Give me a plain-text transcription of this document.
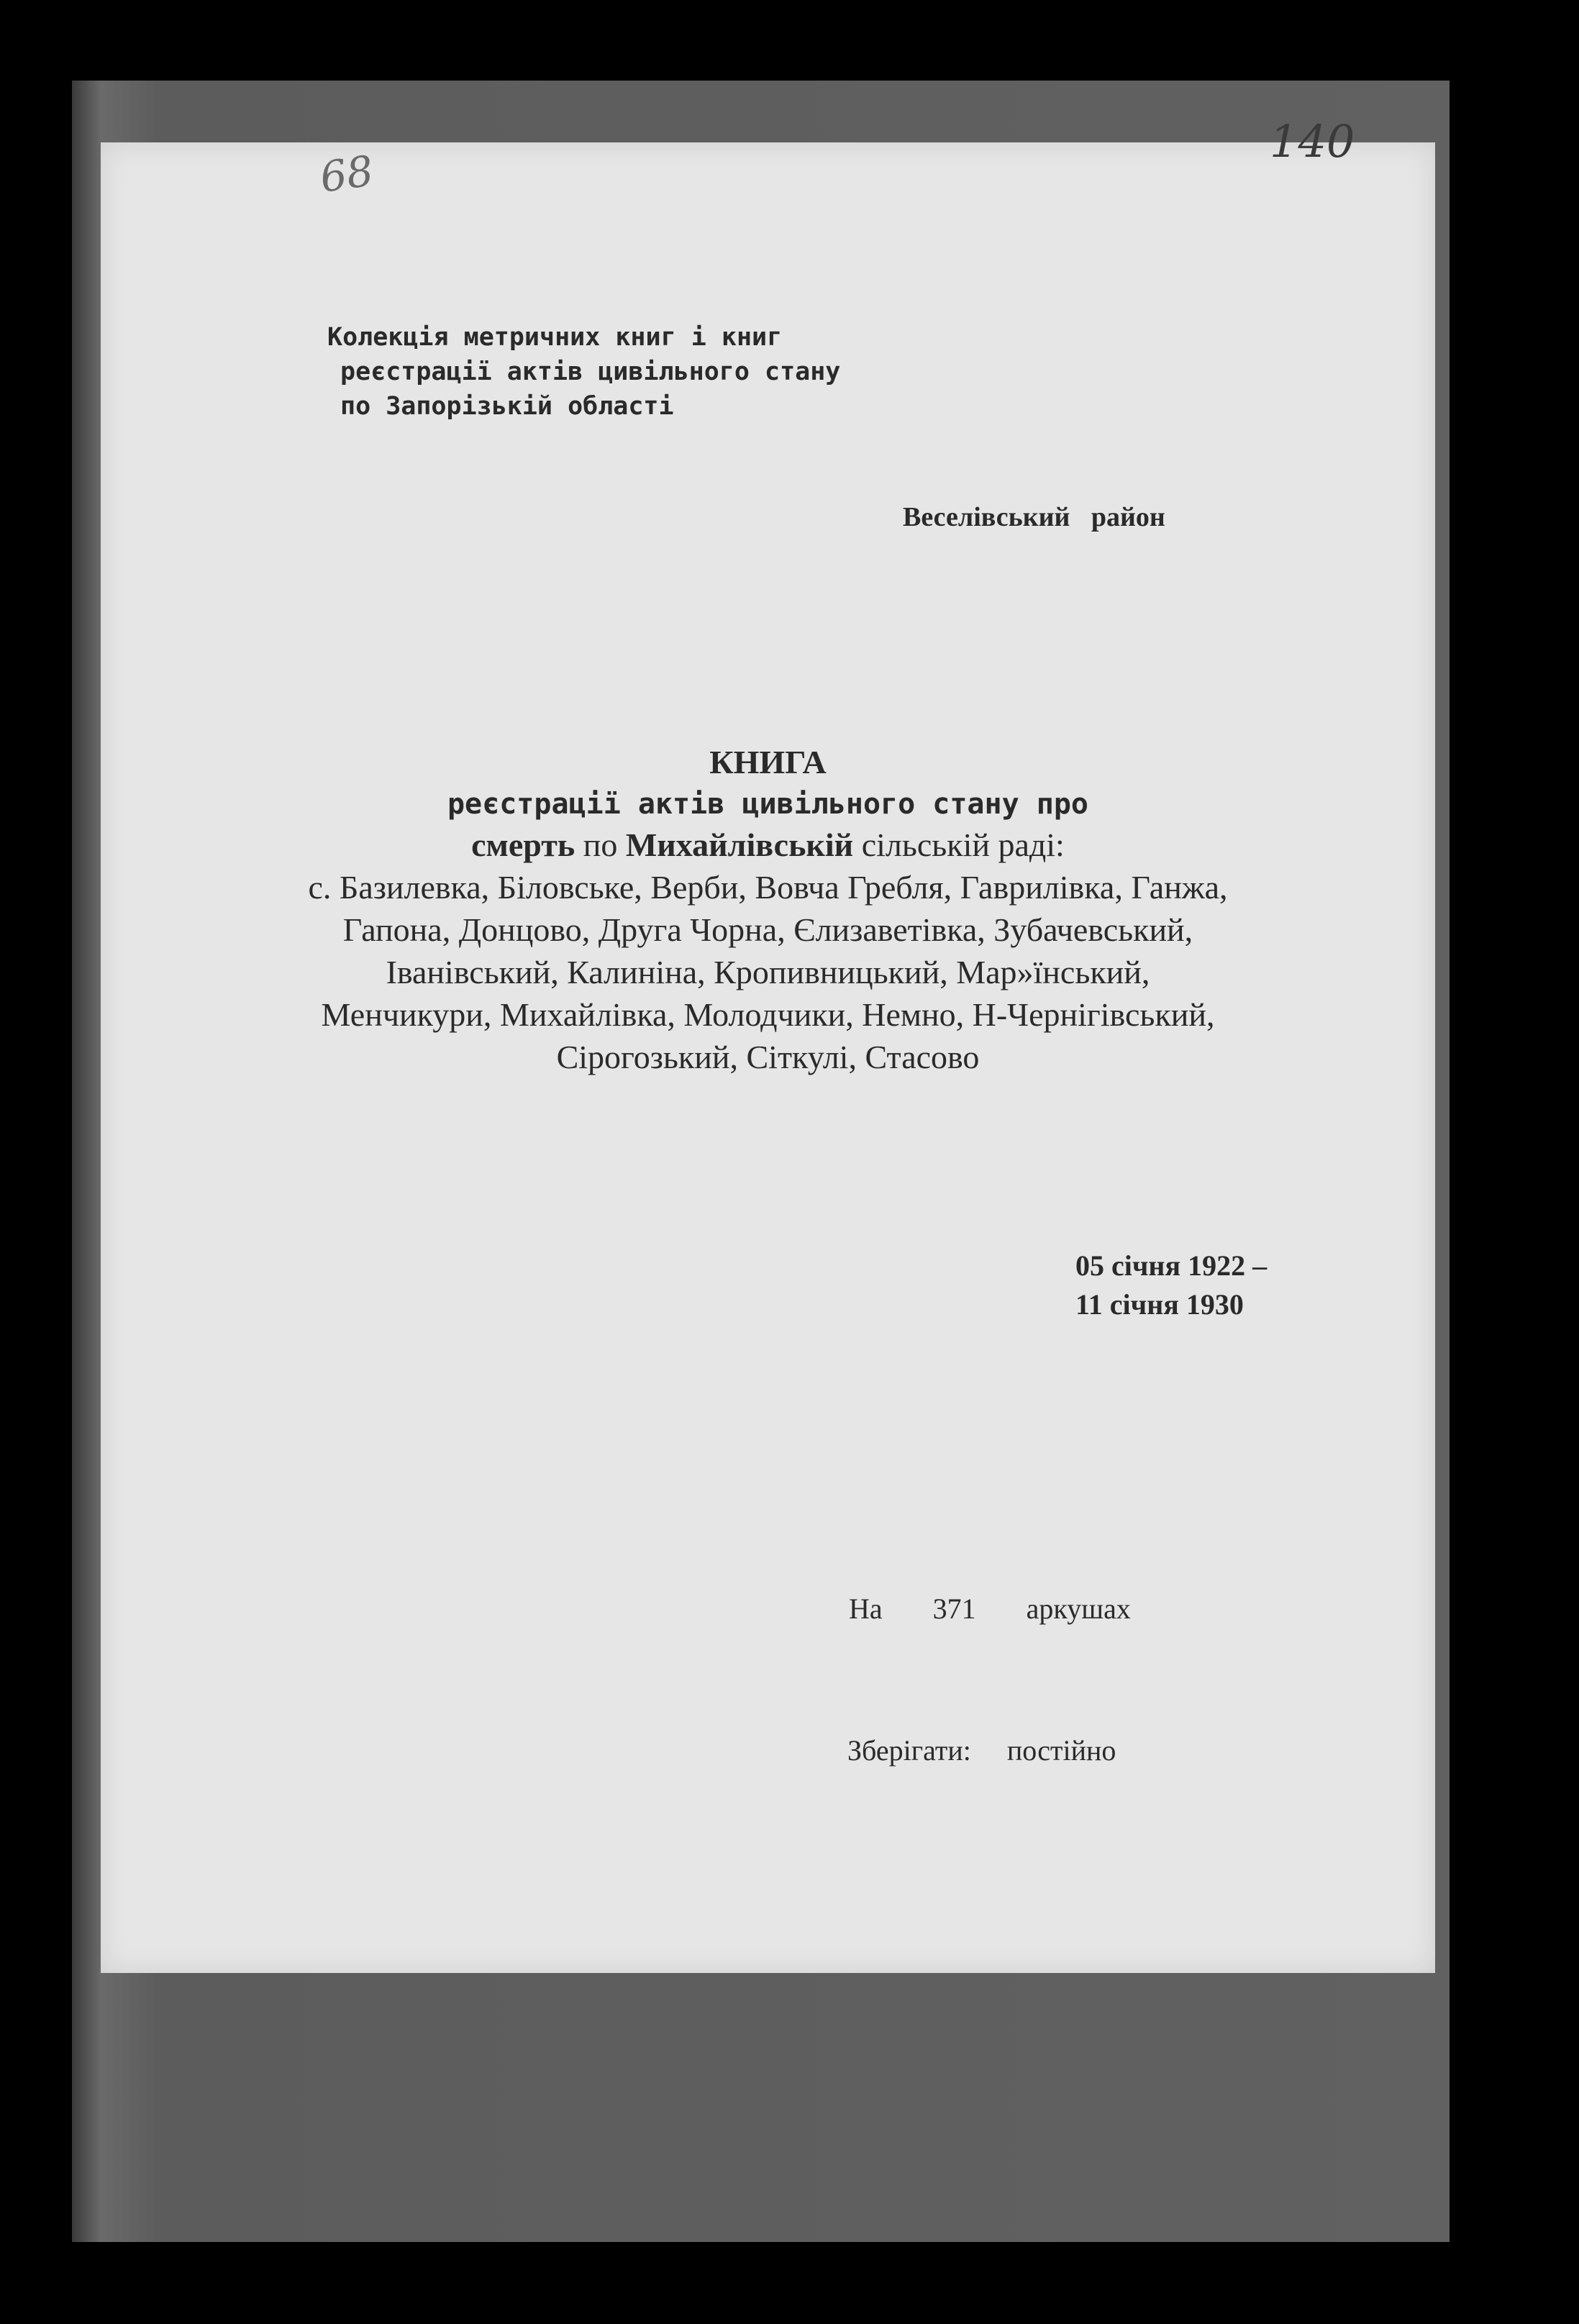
68
140
Колекція метричних книг і книг
реєстрації актів цивільного стану
по Запорізькій області
Веселівський район
КНИГА
реєстрації актів цивільного стану про
смерть по Михайлівській сільській раді:
с. Базилевка, Біловське, Верби, Вовча Гребля, Гаврилівка, Ганжа,
Гапона, Донцово, Друга Чорна, Єлизаветівка, Зубачевський,
Іванівський, Калиніна, Кропивницький, Мар»їнський,
Менчикури, Михайлівка, Молодчики, Немно, Н-Чернігівський,
Сірогозький, Сіткулі, Стасово
05 січня 1922 –
11 січня 1930
На 371 аркушах
Зберігати: постійно
